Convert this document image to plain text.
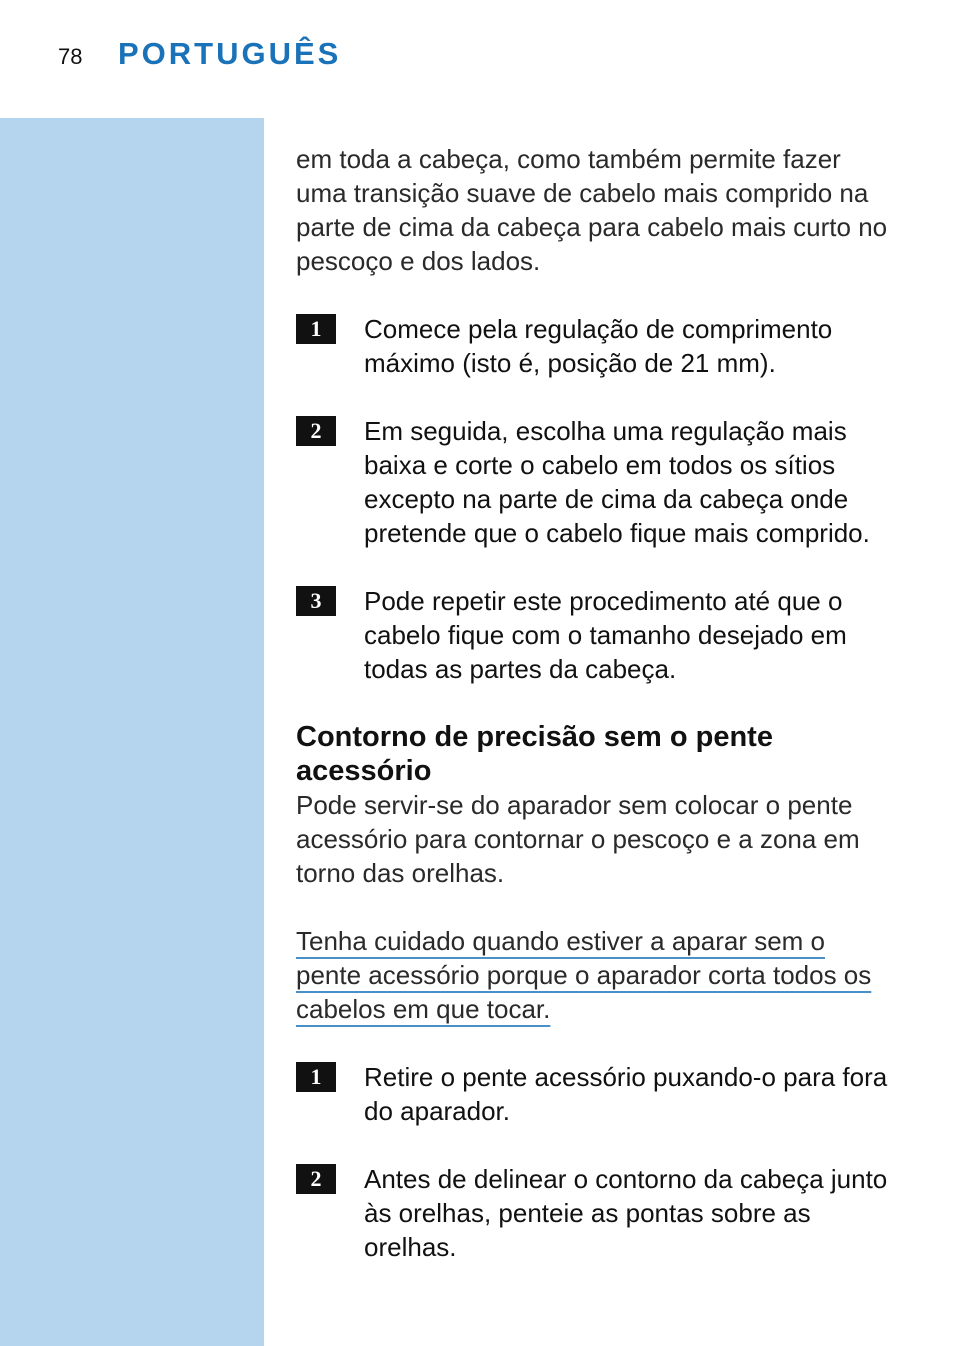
78 PORTUGUÊS

em toda a cabeça, como também permite fazer uma transição suave de cabelo mais comprido na parte de cima da cabeça para cabelo mais curto no pescoço e dos lados.

1	Comece pela regulação de comprimento máximo (isto é, posição de 21 mm).
2	Em seguida, escolha uma regulação mais baixa e corte o cabelo em todos os sítios excepto na parte de cima da cabeça onde pretende que o cabelo fique mais comprido.
3	Pode repetir este procedimento até que o cabelo fique com o tamanho desejado em todas as partes da cabeça.
Contorno de precisão sem o pente acessório

Pode servir-se do aparador sem colocar o pente acessório para contornar o pescoço e a zona em torno das orelhas.

Tenha cuidado quando estiver a aparar sem o pente acessório porque o aparador corta todos os cabelos em que tocar.

1	Retire o pente acessório puxando-o para fora do aparador.
2	Antes de delinear o contorno da cabeça junto às orelhas, penteie as pontas sobre as orelhas.
